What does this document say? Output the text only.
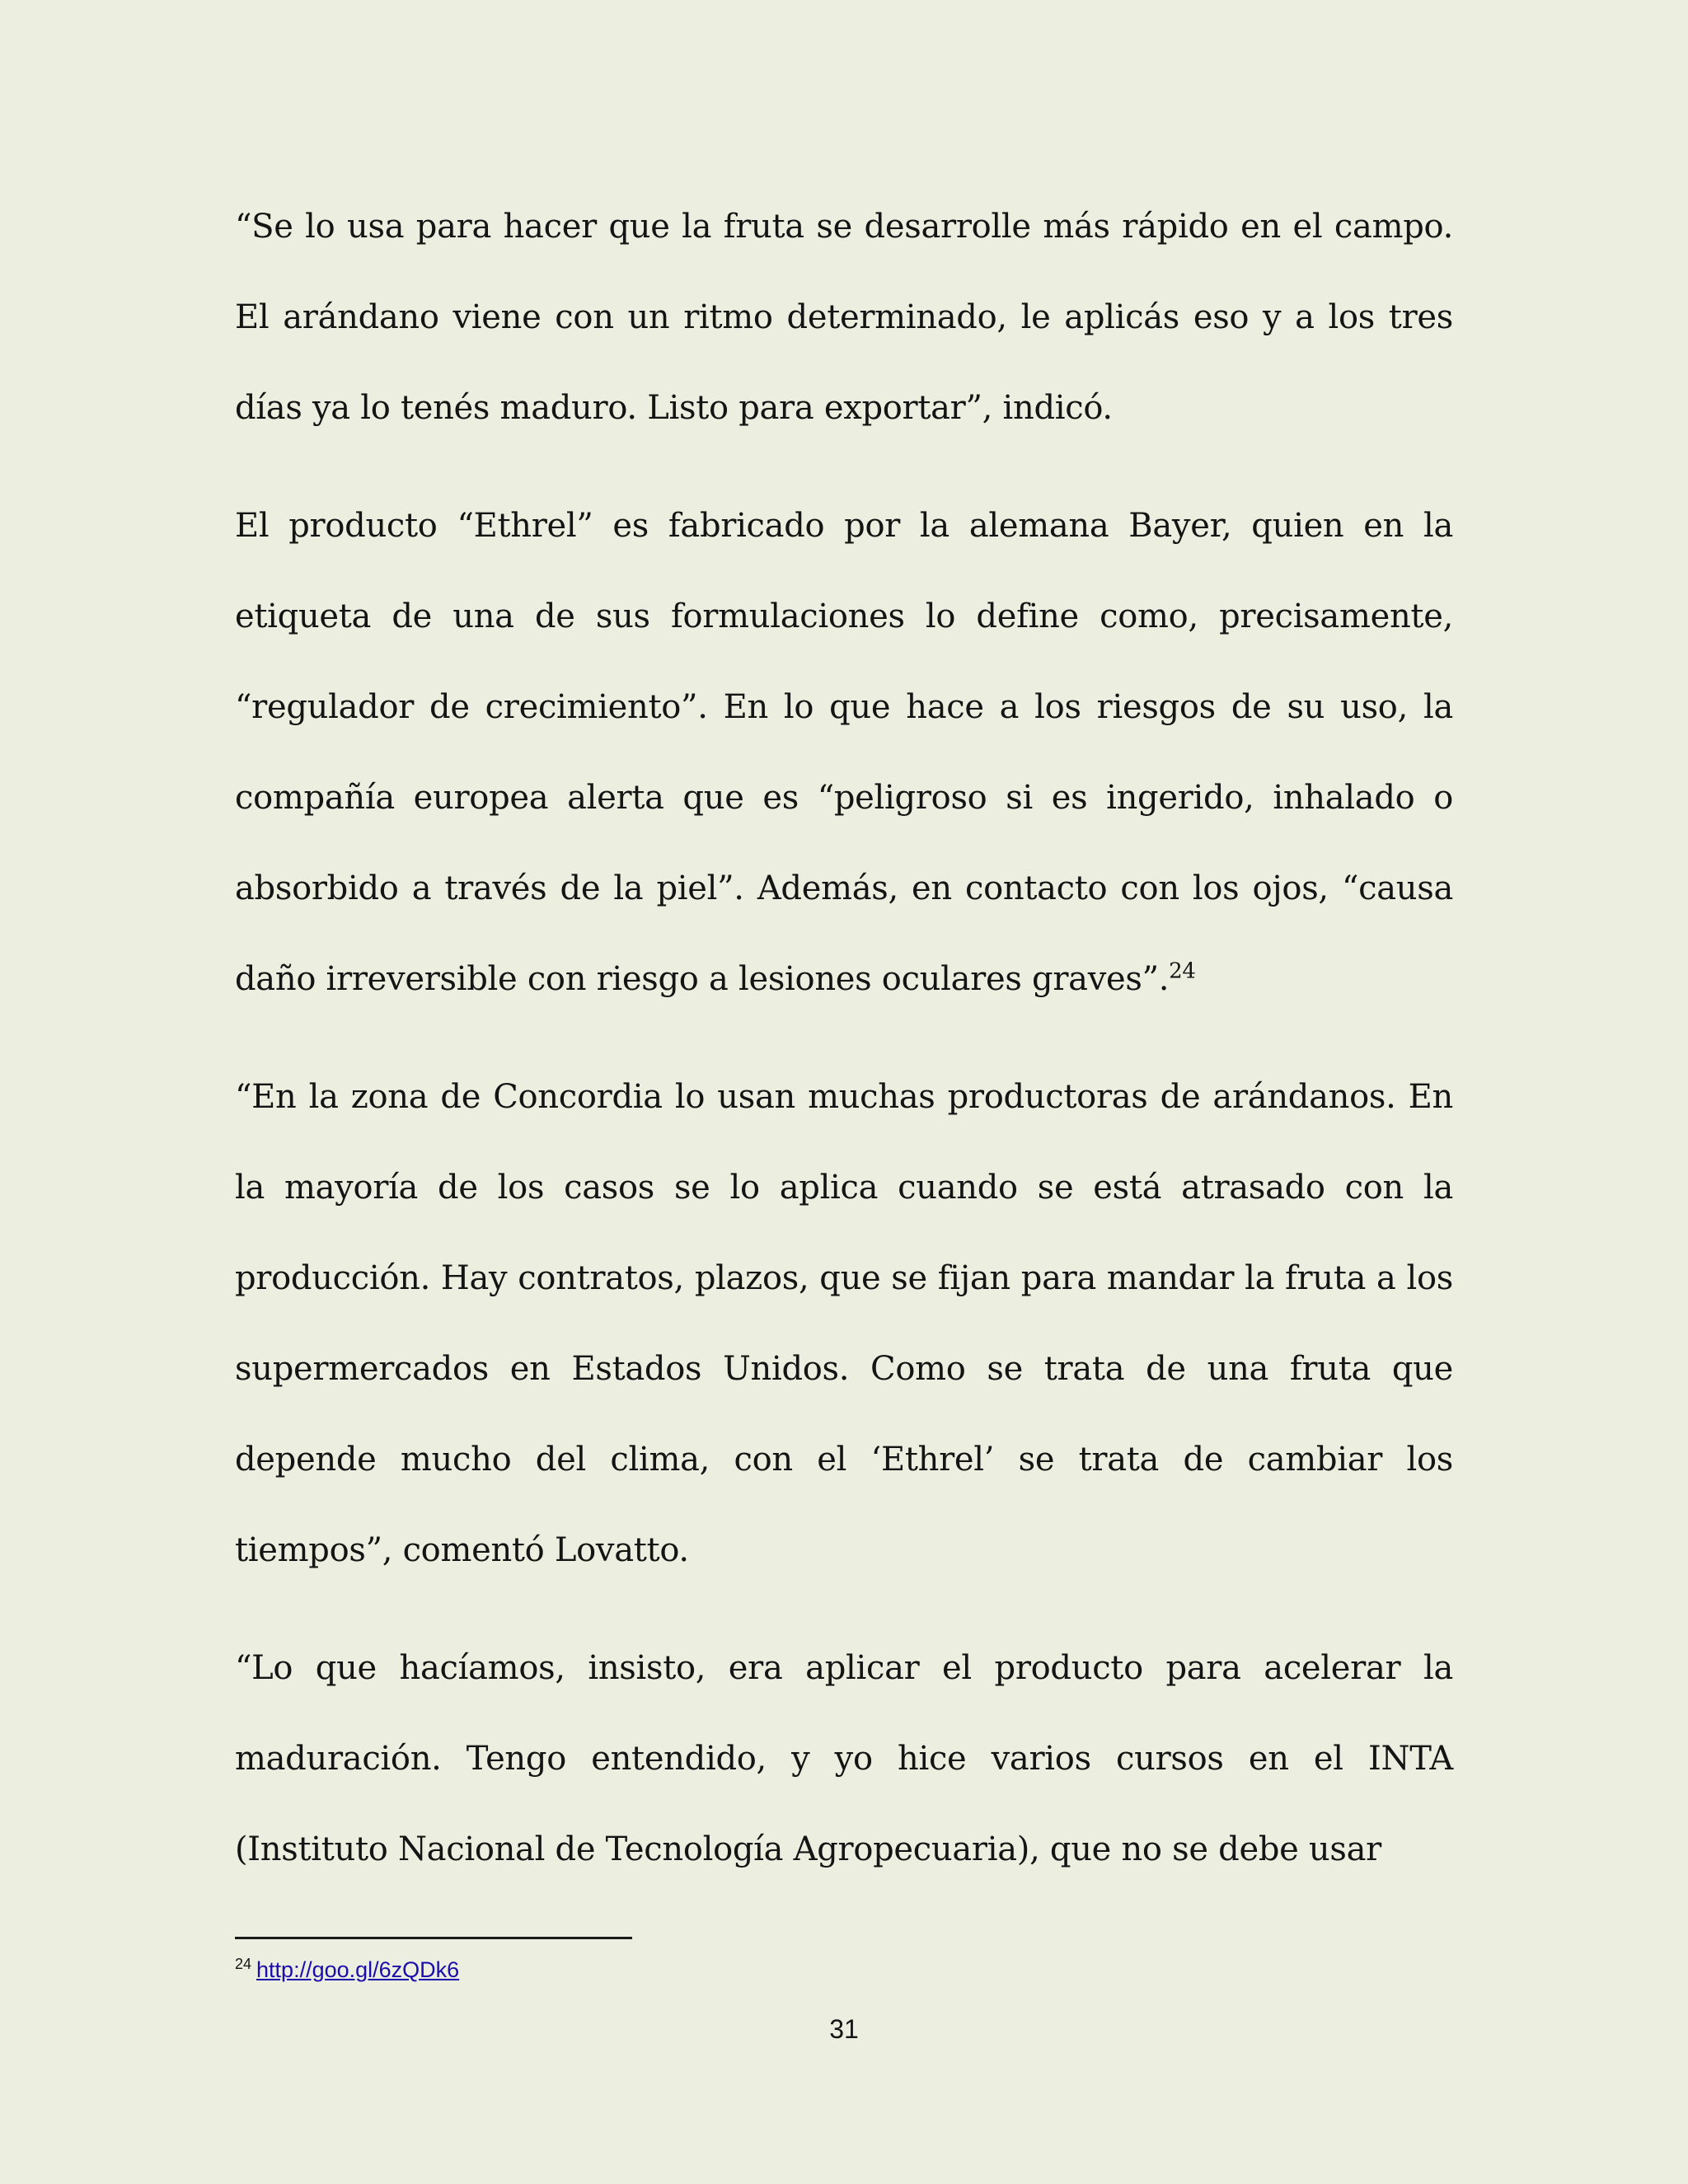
“Se lo usa para hacer que la fruta se desarrolle más rápido en el campo. El arándano viene con un ritmo determinado, le aplicás eso y a los tres días ya lo tenés maduro. Listo para exportar”, indicó.

El producto “Ethrel” es fabricado por la alemana Bayer, quien en la etiqueta de una de sus formulaciones lo define como, precisamente, “regulador de crecimiento”. En lo que hace a los riesgos de su uso, la compañía europea alerta que es “peligroso si es ingerido, inhalado o absorbido a través de la piel”. Además, en contacto con los ojos, “causa daño irreversible con riesgo a lesiones oculares graves”.$^{24}$

“En la zona de Concordia lo usan muchas productoras de arándanos. En la mayoría de los casos se lo aplica cuando se está atrasado con la producción. Hay contratos, plazos, que se fijan para mandar la fruta a los supermercados en Estados Unidos. Como se trata de una fruta que depende mucho del clima, con el ‘Ethrel’ se trata de cambiar los tiempos”, comentó Lovatto.

“Lo que hacíamos, insisto, era aplicar el producto para acelerar la maduración. Tengo entendido, y yo hice varios cursos en el INTA (Instituto Nacional de Tecnología Agropecuaria), que no se debe usar

$^{24}$ http://goo.gl/6zQDk6
31
